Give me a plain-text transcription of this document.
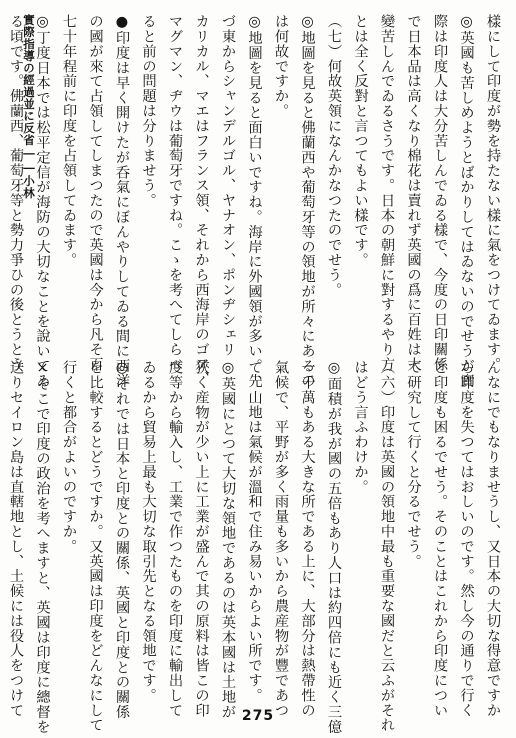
實際指導の經過並に反省――小林	樣にして印度が勢を持たない樣に氣をつけてゐます。
◎英國も苦しめようとばかりしてはゐないのでせうが實
際は印度人は大分苦しんでゐる樣で、今度の日印關係
で日本品は高くなり棉花は賣れず英國の爲に百姓は大
變苦しんでゐるさうです。日本の朝鮮に對するやり方
とは全く反對と言つてもよい樣です。
（七）何故英領になんかなつたのでせう。
◎地圖を見ると佛蘭西や葡萄牙等の領地が所々にあるの
は何故ですか。
◎地圖を見ると面白いですね。海岸に外國領が多い。先
づ東からシャンデルゴル、ヤナオン、ポンヂシェリ
カリカル、マエはフランス領、それから西海岸のゴア、
マグマン、ヂウは葡萄牙ですね。こゝを考へてしらべ
ると前の問題は分りませう。
●印度は早く開けたが呑氣にぼんやりしてゐる間に西洋
の國が來て占領してしまつたので英國は今から凡そ百
七十年程前に印度を占領してゐます。
◎丁度日本では松平定信が海防の大切なことを說いてゐ
る頃です。佛蘭西、葡萄牙等と勢力爭ひの後とうとう
んなにでもなりませうし、又日本の大切な得意ですか
ら印度を失つてはおしいのです。然し今の通りで行く
と印度も困るでせう。そのことはこれから印度につい
て研究して行くと分るでせう。
（六）印度は英國の領地中最も重要な國だと云ふがそれ
はどう言ふわけか。
◎面積が我が國の五倍もあり人口は約四倍にも近く三億
一千萬もある大きな所である上に、大部分は熱帶性の
氣候で、平野が多く雨量も多いから農産物が豐であつ
て、山地は氣候が溫和で住み易いからよい所です。
◎英國にとつて大切な領地であるのは英本國は土地が
狹く産物が少い上に工業が盛んで其の原料は皆この印
度等から輸入し、工業で作つたものを印度に輸出して
ゐるから貿易上最も大切な取引先となる領地です。
◎それでは日本と印度との關係、英國と印度との關係
を比較するとどうですか。又英國は印度をどんなにして
行くと都合がよいのですか。
×そこで印度の政治を考へますと、英國は印度に總督を
送りセイロン島は直轄地とし、土候には役人をつけて	275
